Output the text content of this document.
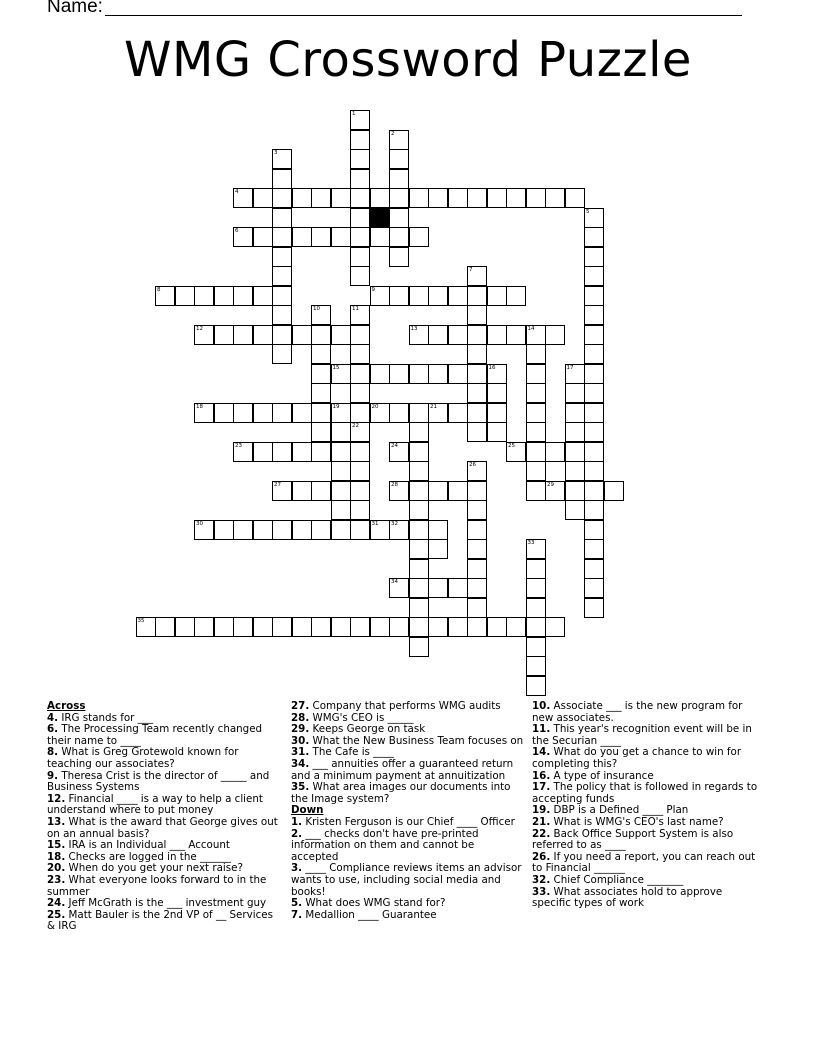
Name:
WMG Crossword Puzzle
1
2
3
4
5
6
7
8	9
10	11
12	13	14
15	16	17
18	19	20	21
22
23	24	25
26
27	28	29
30	31 32
33
34
35
Across
4. IRG stands for ___
6. The Processing Team recently changed their name to ____
8. What is Greg Grotewold known for teaching our associates?
9. Theresa Crist is the director of _____ and Business Systems
12. Financial ____ is a way to help a client understand where to put money
13. What is the award that George gives out on an annual basis?
15. IRA is an Individual ___ Account
18. Checks are logged in the ______
20. When do you get your next raise?
23. What everyone looks forward to in the summer
24. Jeff McGrath is the ___ investment guy
25. Matt Bauler is the 2nd VP of __ Services & IRG
27. Company that performs WMG audits
28. WMG's CEO is _____
29. Keeps George on task
30. What the New Business Team focuses on
31. The Cafe is ____
34. ___ annuities offer a guaranteed return and a minimum payment at annuitization
35. What area images our documents into the Image system?
Down
1. Kristen Ferguson is our Chief ____ Officer
2. ___ checks don't have pre-printed information on them and cannot be accepted
3. ____ Compliance reviews items an advisor wants to use, including social media and books!
5. What does WMG stand for?
7. Medallion ____ Guarantee
10. Associate ___ is the new program for new associates.
11. This year's recognition event will be in the Securian ____
14. What do you get a chance to win for completing this?
16. A type of insurance
17. The policy that is followed in regards to accepting funds
19. DBP is a Defined ____ Plan
21. What is WMG's CEO's last name?
22. Back Office Support System is also referred to as ____
26. If you need a report, you can reach out to Financial ______
32. Chief Compliance _______
33. What associates hold to approve specific types of work
